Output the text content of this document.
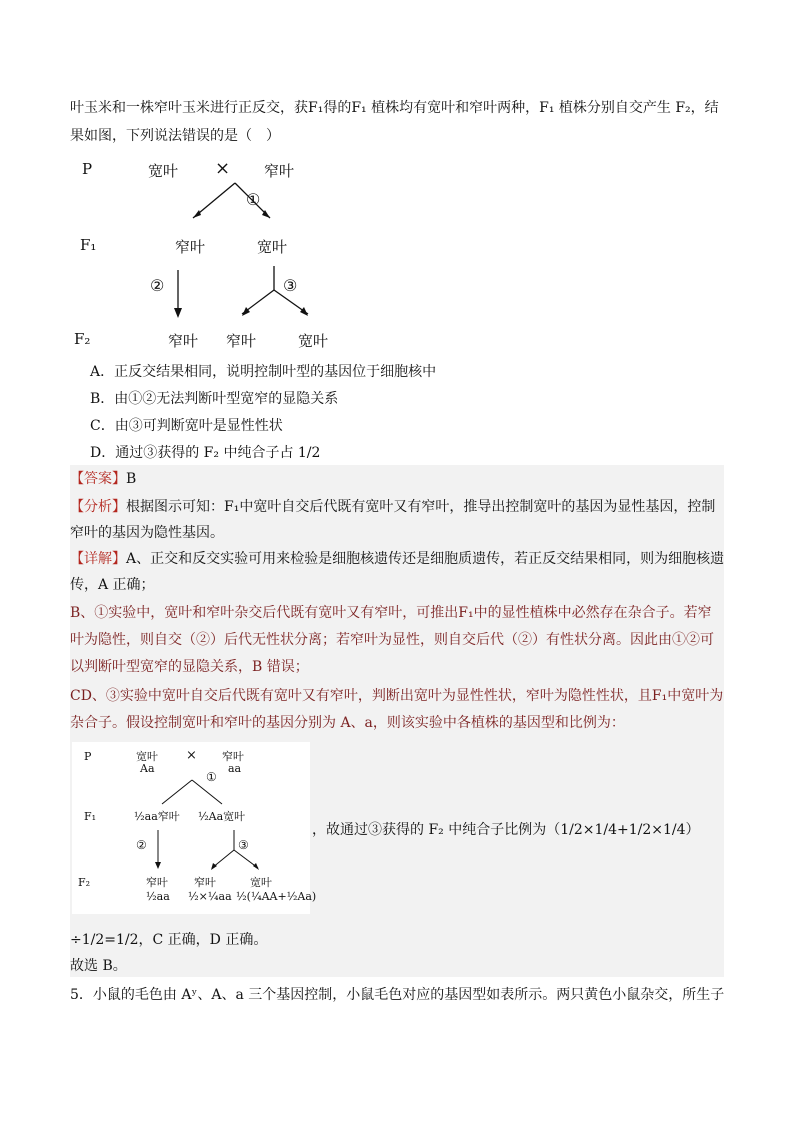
叶玉米和一株窄叶玉米进行正反交，获F₁得的F₁ 植株均有宽叶和窄叶两种，F₁ 植株分别自交产生 F₂，结
果如图，下列说法错误的是（　）
P	宽叶 × 窄叶
①
F₁	窄叶	宽叶
②	③
F₂	窄叶 窄叶	宽叶
A．正反交结果相同，说明控制叶型的基因位于细胞核中
B．由①②无法判断叶型宽窄的显隐关系
C．由③可判断宽叶是显性性状
D．通过③获得的 F₂ 中纯合子占 1/2
【答案】B
【分析】根据图示可知：F₁中宽叶自交后代既有宽叶又有窄叶，推导出控制宽叶的基因为显性基因，控制
窄叶的基因为隐性基因。
【详解】A、正交和反交实验可用来检验是细胞核遗传还是细胞质遗传，若正反交结果相同，则为细胞核遗
传，A 正确；
B、①实验中，宽叶和窄叶杂交后代既有宽叶又有窄叶，可推出F₁中的显性植株中必然存在杂合子。若窄
叶为隐性，则自交（②）后代无性状分离；若窄叶为显性，则自交后代（②）有性状分离。因此由①②可
以判断叶型宽窄的显隐关系，B 错误；
CD、③实验中宽叶自交后代既有宽叶又有窄叶，判断出宽叶为显性性状，窄叶为隐性性状，且F₁中宽叶为
杂合子。假设控制宽叶和窄叶的基因分别为 A、a，则该实验中各植株的基因型和比例为：
P	宽叶
Aa
× 窄叶
aa
①
F₁	½aa窄叶 ½Aa宽叶
②	③
F₂	窄叶
½aa
窄叶
½×¼aa
宽叶
½(¼AA+½Aa)
，故通过③获得的 F₂ 中纯合子比例为（1/2×1/4+1/2×1/4）
÷1/2=1/2，C 正确，D 正确。
故选 B。
5．小鼠的毛色由 Aʸ、A、a 三个基因控制，小鼠毛色对应的基因型如表所示。两只黄色小鼠杂交，所生子
